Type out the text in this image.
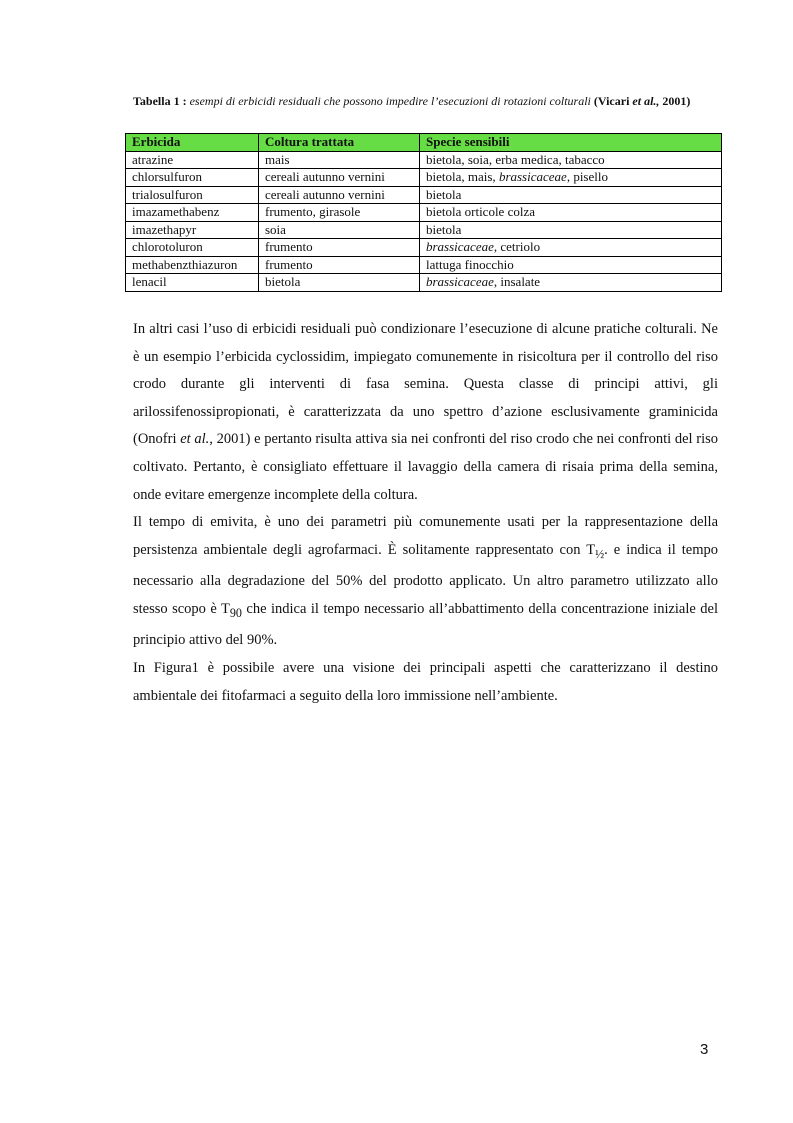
Tabella 1 : esempi di erbicidi residuali che possono impedire l’esecuzioni di rotazioni colturali (Vicari et al., 2001)
Erbicida	Coltura trattata	Specie sensibili
atrazine	mais	bietola, soia, erba medica, tabacco
chlorsulfuron	cereali autunno vernini	bietola, mais, brassicaceae, pisello
trialosulfuron	cereali autunno vernini	bietola
imazamethabenz	frumento, girasole	bietola orticole colza
imazethapyr	soia	bietola
chlorotoluron	frumento	brassicaceae, cetriolo
methabenzthiazuron	frumento	lattuga finocchio
lenacil	bietola	brassicaceae, insalate

In altri casi l’uso di erbicidi residuali può condizionare l’esecuzione di alcune pratiche colturali. Ne è un esempio l’erbicida cyclossidim, impiegato comunemente in risicoltura per il controllo del riso crodo durante gli interventi di fasa semina. Questa classe di principi attivi, gli arilossifenossipropionati, è caratterizzata da uno spettro d’azione esclusivamente graminicida (Onofri et al., 2001) e pertanto risulta attiva sia nei confronti del riso crodo che nei confronti del riso coltivato. Pertanto, è consigliato effettuare il lavaggio della camera di risaia prima della semina, onde evitare emergenze incomplete della coltura.

Il tempo di emivita, è uno dei parametri più comunemente usati per la rappresentazione della persistenza ambientale degli agrofarmaci. È solitamente rappresentato con $T_{\frac{1}{2}}$. e indica il tempo necessario alla degradazione del 50% del prodotto applicato. Un altro parametro utilizzato allo stesso scopo è $T_{90}$ che indica il tempo necessario all’abbattimento della concentrazione iniziale del principio attivo del 90%.

In Figura1 è possibile avere una visione dei principali aspetti che caratterizzano il destino ambientale dei fitofarmaci a seguito della loro immissione nell’ambiente.

3
